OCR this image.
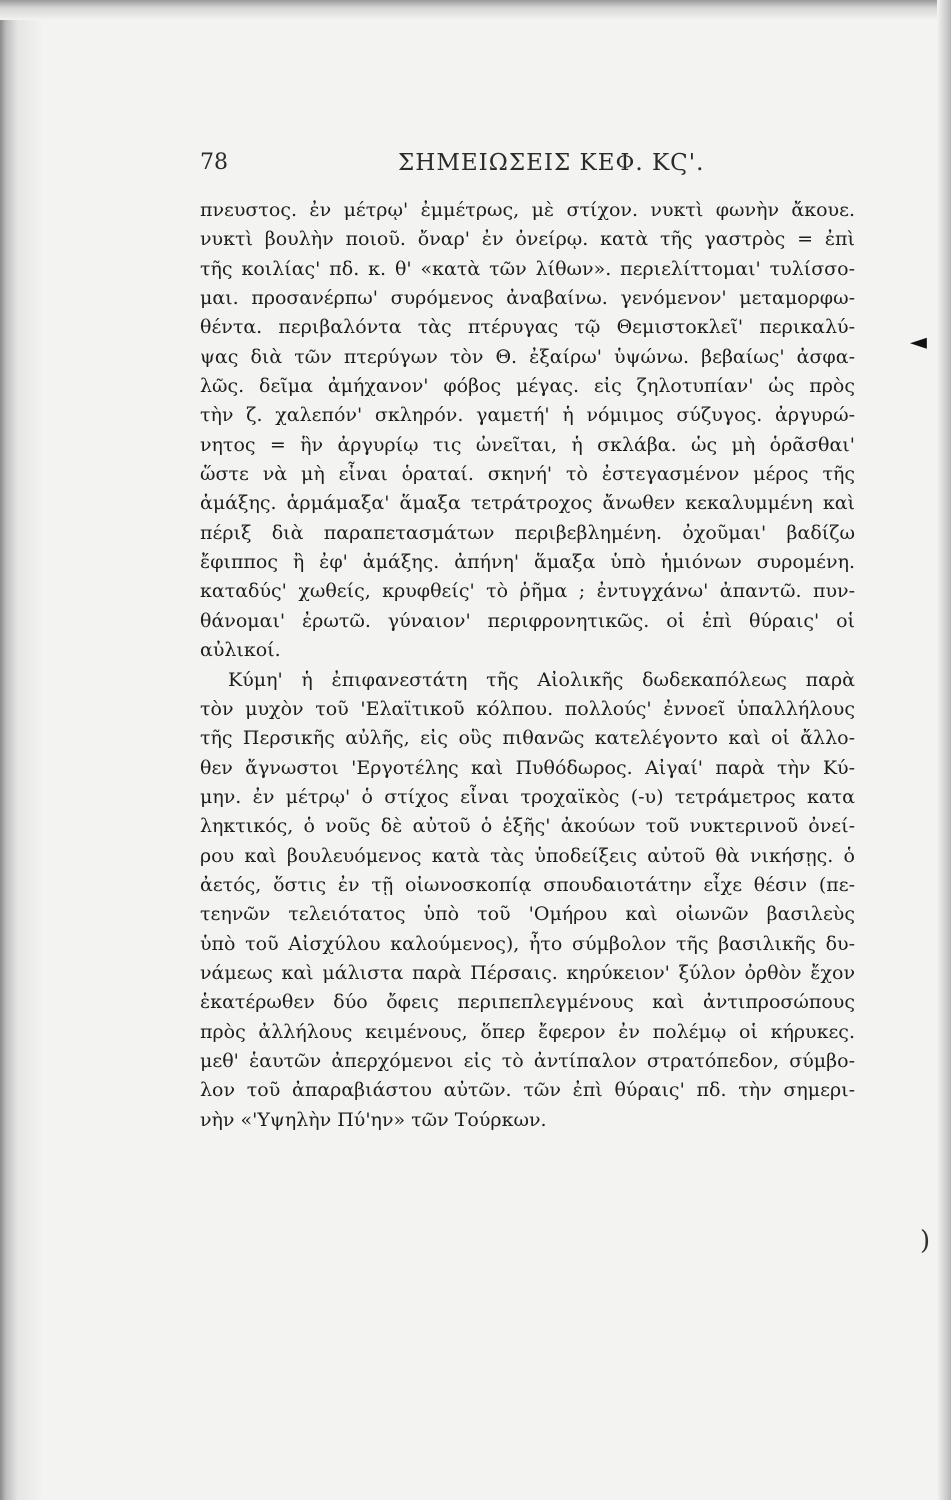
78	ΣΗΜΕΙΩΣΕΙΣ ΚΕΦ. ΚϚ'.
πνευστος. ἐν μέτρῳ' ἐμμέτρως, μὲ στίχον. νυκτὶ φωνὴν ἄκουε.
νυκτὶ βουλὴν ποιοῦ. ὄναρ' ἐν ὀνείρῳ. κατὰ τῆς γαστρὸς = ἐπὶ
τῆς κοιλίας' πδ. κ. θ' «κατὰ τῶν λίθων». περιελίττομαι' τυλίσσο-
μαι. προσανέρπω' συρόμενος ἀναβαίνω. γενόμενον' μεταμορφω-
θέντα. περιβαλόντα τὰς πτέρυγας τῷ Θεμιστοκλεῖ' περικαλύ-
ψας διὰ τῶν πτερύγων τὸν Θ. ἐξαίρω' ὑψώνω. βεβαίως' ἀσφα-
λῶς. δεῖμα ἀμήχανον' φόβος μέγας. εἰς ζηλοτυπίαν' ὡς πρὸς
τὴν ζ. χαλεπόν' σκληρόν. γαμετή' ἡ νόμιμος σύζυγος. ἀργυρώ-
νητος = ἣν ἀργυρίῳ τις ὠνεῖται, ἡ σκλάβα. ὡς μὴ ὁρᾶσθαι'
ὥστε νὰ μὴ εἶναι ὁραταί. σκηνή' τὸ ἐστεγασμένον μέρος τῆς
ἁμάξης. ἁρμάμαξα' ἅμαξα τετράτροχος ἄνωθεν κεκαλυμμένη καὶ
πέριξ διὰ παραπετασμάτων περιβεβλημένη. ὀχοῦμαι' βαδίζω
ἔφιππος ἢ ἐφ' ἁμάξης. ἀπήνη' ἅμαξα ὑπὸ ἡμιόνων συρομένη.
καταδύς' χωθείς, κρυφθείς' τὸ ῥῆμα ; ἐντυγχάνω' ἀπαντῶ. πυν-
θάνομαι' ἐρωτῶ. γύναιον' περιφρονητικῶς. οἱ ἐπὶ θύραις' οἱ
αὐλικοί.
Κύμη' ἡ ἐπιφανεστάτη τῆς Αἰολικῆς δωδεκαπόλεως παρὰ
τὸν μυχὸν τοῦ 'Ελαϊτικοῦ κόλπου. πολλούς' ἐννοεῖ ὑπαλλήλους
τῆς Περσικῆς αὐλῆς, εἰς οὓς πιθανῶς κατελέγοντο καὶ οἱ ἄλλο-
θεν ἄγνωστοι 'Εργοτέλης καὶ Πυθόδωρος. Αἰγαί' παρὰ τὴν Κύ-
μην. ἐν μέτρῳ' ὁ στίχος εἶναι τροχαϊκὸς (-υ) τετράμετρος κατα
ληκτικός, ὁ νοῦς δὲ αὐτοῦ ὁ ἑξῆς' ἀκούων τοῦ νυκτερινοῦ ὀνεί-
ρου καὶ βουλευόμενος κατὰ τὰς ὑποδείξεις αὐτοῦ θὰ νικήσῃς. ὁ
ἀετός, ὅστις ἐν τῇ οἰωνοσκοπίᾳ σπουδαιοτάτην εἶχε θέσιν (πε-
τεηνῶν τελειότατος ὑπὸ τοῦ 'Ομήρου καὶ οἰωνῶν βασιλεὺς
ὑπὸ τοῦ Αἰσχύλου καλούμενος), ἦτο σύμβολον τῆς βασιλικῆς δυ-
νάμεως καὶ μάλιστα παρὰ Πέρσαις. κηρύκειον' ξύλον ὀρθὸν ἔχον
ἑκατέρωθεν δύο ὄφεις περιπεπλεγμένους καὶ ἀντιπροσώπους
πρὸς ἀλλήλους κειμένους, ὅπερ ἔφερον ἐν πολέμῳ οἱ κήρυκες.
μεθ' ἑαυτῶν ἀπερχόμενοι εἰς τὸ ἀντίπαλον στρατόπεδον, σύμβο-
λον τοῦ ἀπαραβιάστου αὐτῶν. τῶν ἐπὶ θύραις' πδ. τὴν σημερι-
νὴν «'Υψηλὴν Πύ'ην» τῶν Τούρκων.
◄
)
